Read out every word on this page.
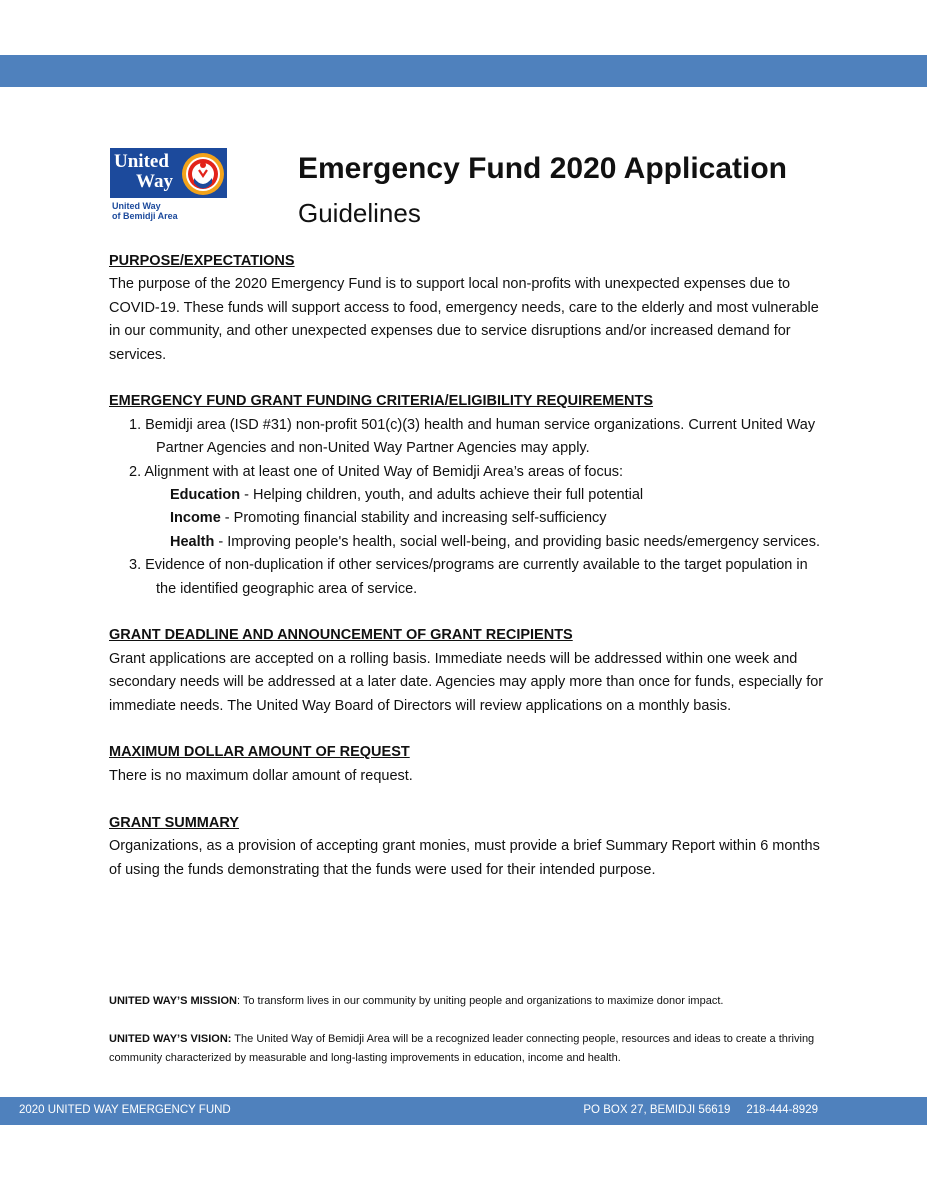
United
Way
United Way
of Bemidji Area
Emergency Fund 2020 Application
Guidelines

PURPOSE/EXPECTATIONS

The purpose of the 2020 Emergency Fund is to support local non-profits with unexpected expenses due to COVID-19. These funds will support access to food, emergency needs, care to the elderly and most vulnerable in our community, and other unexpected expenses due to service disruptions and/or increased demand for services.

EMERGENCY FUND GRANT FUNDING CRITERIA/ELIGIBILITY REQUIREMENTS

1. Bemidji area (ISD #31) non-profit 501(c)(3) health and human service organizations. Current United Way Partner Agencies and non-United Way Partner Agencies may apply.

2. Alignment with at least one of United Way of Bemidji Area’s areas of focus:

Education - Helping children, youth, and adults achieve their full potential

Income - Promoting financial stability and increasing self-sufficiency

Health - Improving people's health, social well-being, and providing basic needs/emergency services.

3. Evidence of non-duplication if other services/programs are currently available to the target population in the identified geographic area of service.

GRANT DEADLINE AND ANNOUNCEMENT OF GRANT RECIPIENTS

Grant applications are accepted on a rolling basis. Immediate needs will be addressed within one week and secondary needs will be addressed at a later date. Agencies may apply more than once for funds, especially for immediate needs. The United Way Board of Directors will review applications on a monthly basis.

MAXIMUM DOLLAR AMOUNT OF REQUEST

There is no maximum dollar amount of request.

GRANT SUMMARY

Organizations, as a provision of accepting grant monies, must provide a brief Summary Report within 6 months of using the funds demonstrating that the funds were used for their intended purpose.

UNITED WAY’S MISSION: To transform lives in our community by uniting people and organizations to maximize donor impact.

UNITED WAY’S VISION: The United Way of Bemidji Area will be a recognized leader connecting people, resources and ideas to create a thriving community characterized by measurable and long-lasting improvements in education, income and health.

2020 UNITED WAY EMERGENCY FUND	PO BOX 27, BEMIDJI 56619     218-444-8929
